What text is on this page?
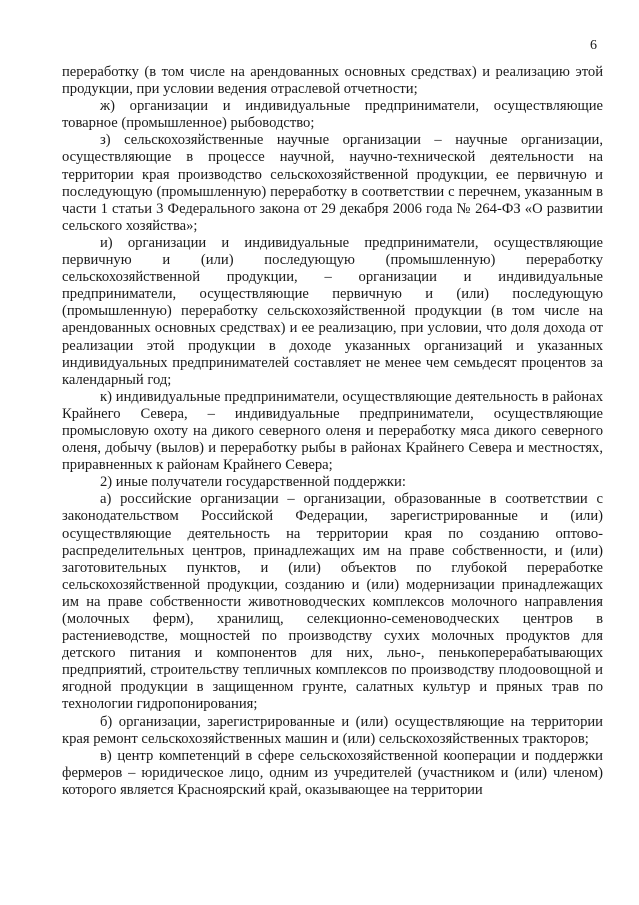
6

переработку (в том числе на арендованных основных средствах) и реализацию этой продукции, при условии ведения отраслевой отчетности;

ж) организации и индивидуальные предприниматели, осуществляющие товарное (промышленное) рыбоводство;

з) сельскохозяйственные научные организации – научные организации, осуществляющие в процессе научной, научно-технической деятельности на территории края производство сельскохозяйственной продукции, ее первичную и последующую (промышленную) переработку в соответствии с перечнем, указанным в части 1 статьи 3 Федерального закона от 29 декабря 2006 года № 264-ФЗ «О развитии сельского хозяйства»;

и) организации и индивидуальные предприниматели, осуществляющие первичную и (или) последующую (промышленную) переработку сельскохозяйственной продукции, – организации и индивидуальные предприниматели, осуществляющие первичную и (или) последующую (промышленную) переработку сельскохозяйственной продукции (в том числе на арендованных основных средствах) и ее реализацию, при условии, что доля дохода от реализации этой продукции в доходе указанных организаций и указанных индивидуальных предпринимателей составляет не менее чем семьдесят процентов за календарный год;

к) индивидуальные предприниматели, осуществляющие деятельность в районах Крайнего Севера, – индивидуальные предприниматели, осуществляющие промысловую охоту на дикого северного оленя и переработку мяса дикого северного оленя, добычу (вылов) и переработку рыбы в районах Крайнего Севера и местностях, приравненных к районам Крайнего Севера;

2) иные получатели государственной поддержки:

а) российские организации – организации, образованные в соответствии с законодательством Российской Федерации, зарегистрированные и (или) осуществляющие деятельность на территории края по созданию оптово-распределительных центров, принадлежащих им на праве собственности, и (или) заготовительных пунктов, и (или) объектов по глубокой переработке сельскохозяйственной продукции, созданию и (или) модернизации принадлежащих им на праве собственности животноводческих комплексов молочного направления (молочных ферм), хранилищ, селекционно-семеноводческих центров в растениеводстве, мощностей по производству сухих молочных продуктов для детского питания и компонентов для них, льно-, пенькоперерабатывающих предприятий, строительству тепличных комплексов по производству плодоовощной и ягодной продукции в защищенном грунте, салатных культур и пряных трав по технологии гидропонирования;

б) организации, зарегистрированные и (или) осуществляющие на территории края ремонт сельскохозяйственных машин и (или) сельскохозяйственных тракторов;

в) центр компетенций в сфере сельскохозяйственной кооперации и поддержки фермеров – юридическое лицо, одним из учредителей (участником и (или) членом) которого является Красноярский край, оказывающее на территории
